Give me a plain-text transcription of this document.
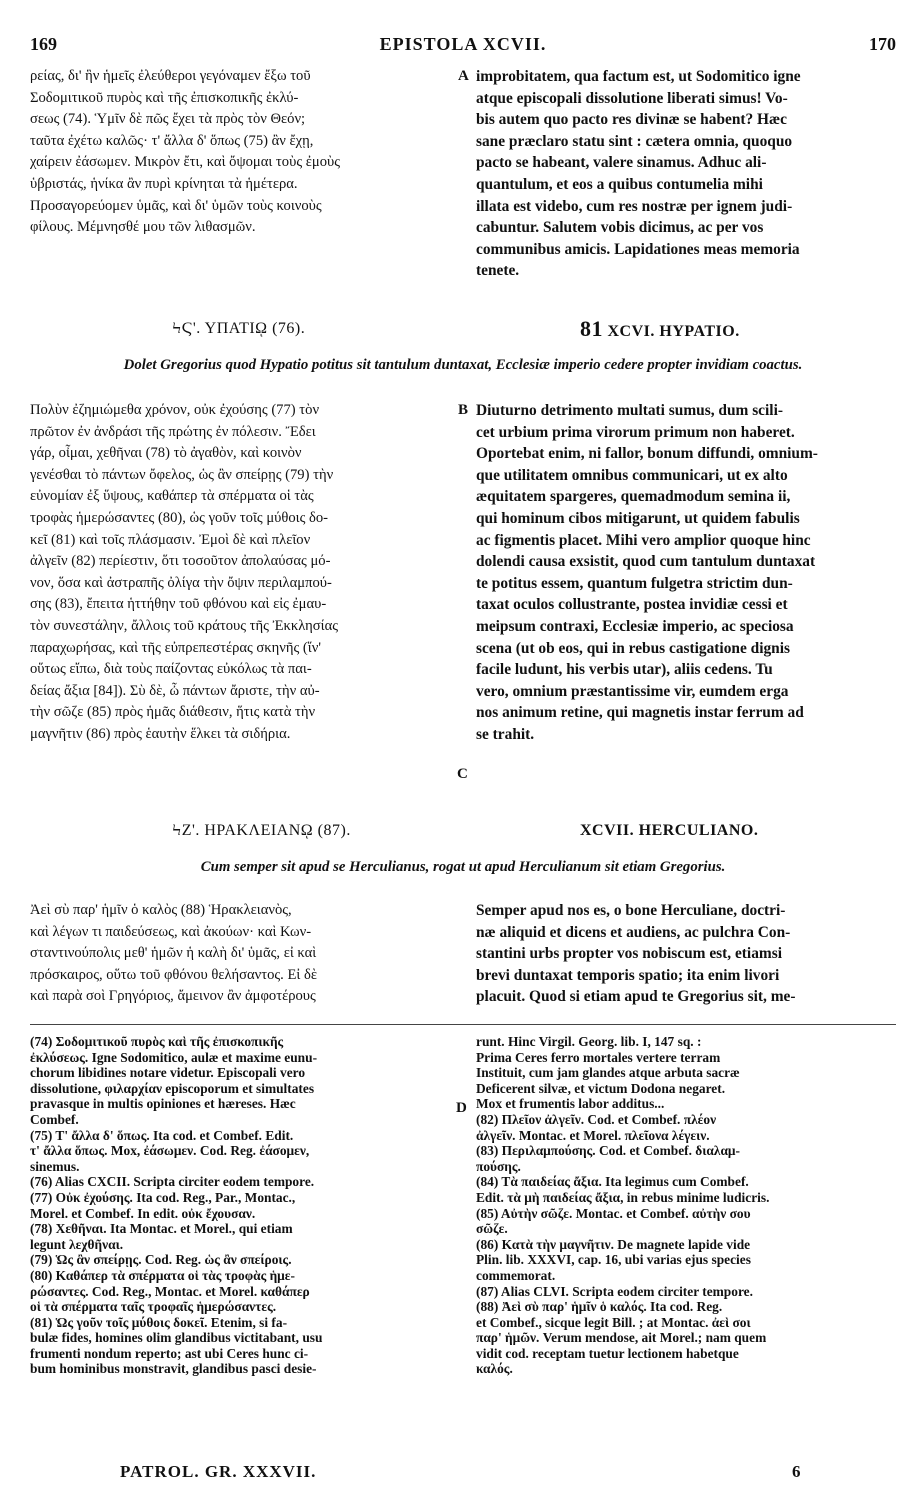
169	EPISTOLA XCVII.	170
ρείας, δι' ἣν ἡμεῖς ἐλεύθεροι γεγόναμεν ἔξω τοῦ
Σοδομιτικοῦ πυρὸς καὶ τῆς ἐπισκοπικῆς ἐκλύ-
σεως (74). Ὑμῖν δὲ πῶς ἔχει τὰ πρὸς τὸν Θεόν;
ταῦτα ἐχέτω καλῶς· τ' ἄλλα δ' ὅπως (75) ἂν ἔχῃ,
χαίρειν ἐάσωμεν. Μικρὸν ἔτι, καὶ ὄψομαι τοὺς ἐμοὺς
ὑβριστάς, ἡνίκα ἂν πυρὶ κρίνηται τὰ ἡμέτερα.
Προσαγορεύομεν ὑμᾶς, καὶ δι' ὑμῶν τοὺς κοινοὺς
φίλους. Μέμνησθέ μου τῶν λιθασμῶν.
A improbitatem, qua factum est, ut Sodomitico igne
atque episcopali dissolutione liberati simus! Vo-
bis autem quo pacto res divinæ se habent? Hæc
sane præclaro statu sint : cætera omnia, quoquo
pacto se habeant, valere sinamus. Adhuc ali-
quantulum, et eos a quibus contumelia mihi
illata est videbo, cum res nostræ per ignem judi-
cabuntur. Salutem vobis dicimus, ac per vos
communibus amicis. Lapidationes meas memoria
tenete.
ϞϚ'. ΥΠΑΤΙῼ (76).	81 XCVI. HYPATIO.
Dolet Gregorius quod Hypatio potitus sit tantulum duntaxat, Ecclesiæ imperio cedere propter invidiam coactus.
Πολὺν ἐζημιώμεθα χρόνον, οὐκ ἐχούσης (77) τὸν
πρῶτον ἐν ἀνδράσι τῆς πρώτης ἐν πόλεσιν. Ἔδει
γάρ, οἶμαι, χεθῆναι (78) τὸ ἀγαθὸν, καὶ κοινὸν
γενέσθαι τὸ πάντων ὄφελος, ὡς ἂν σπείρῃς (79) τὴν
εὐνομίαν ἐξ ὕψους, καθάπερ τὰ σπέρματα οἱ τὰς
τροφὰς ἡμερώσαντες (80), ὡς γοῦν τοῖς μύθοις δο-
κεῖ (81) καὶ τοῖς πλάσμασιν. Ἐμοὶ δὲ καὶ πλεῖον
ἀλγεῖν (82) περίεστιν, ὅτι τοσοῦτον ἀπολαύσας μό-
νον, ὅσα καὶ ἀστραπῆς ὀλίγα τὴν ὄψιν περιλαμπού-
σης (83), ἔπειτα ἡττήθην τοῦ φθόνου καὶ εἰς ἐμαυ-
τὸν συνεστάλην, ἄλλοις τοῦ κράτους τῆς Ἐκκλησίας
παραχωρήσας, καὶ τῆς εὐπρεπεστέρας σκηνῆς (ἵν'
οὕτως εἴπω, διὰ τοὺς παίζοντας εὐκόλως τὰ παι-
δείας ἄξια [84]). Σὺ δὲ, ὦ πάντων ἄριστε, τὴν αὐ-
τὴν σῶζε (85) πρὸς ἡμᾶς διάθεσιν, ἥτις κατὰ τὴν
μαγνῆτιν (86) πρὸς ἑαυτὴν ἕλκει τὰ σιδήρια.
B
C
Diuturno detrimento multati sumus, dum scili-
cet urbium prima virorum primum non haberet.
Oportebat enim, ni fallor, bonum diffundi, omnium-
que utilitatem omnibus communicari, ut ex alto
æquitatem spargeres, quemadmodum semina ii,
qui hominum cibos mitigarunt, ut quidem fabulis
ac figmentis placet. Mihi vero amplior quoque hinc
dolendi causa exsistit, quod cum tantulum duntaxat
te potitus essem, quantum fulgetra strictim dun-
taxat oculos collustrante, postea invidiæ cessi et
meipsum contraxi, Ecclesiæ imperio, ac speciosa
scena (ut ob eos, qui in rebus castigatione dignis
facile ludunt, his verbis utar), aliis cedens. Tu
vero, omnium præstantissime vir, eumdem erga
nos animum retine, qui magnetis instar ferrum ad
se trahit.
ϞΖ'. ΗΡΑΚΛΕΙΑΝῼ (87).	XCVII. HERCULIANO.
Cum semper sit apud se Herculianus, rogat ut apud Herculianum sit etiam Gregorius.
Ἀεὶ σὺ παρ' ἡμῖν ὁ καλὸς (88) Ἡρακλειανὸς,
καὶ λέγων τι παιδεύσεως, καὶ ἀκούων· καὶ Κων-
σταντινούπολις μεθ' ἡμῶν ἡ καλὴ δι' ὑμᾶς, εἰ καὶ
πρόσκαιρος, οὕτω τοῦ φθόνου θελήσαντος. Εἰ δὲ
καὶ παρὰ σοὶ Γρηγόριος, ἄμεινον ἂν ἀμφοτέρους
Semper apud nos es, o bone Herculiane, doctri-
næ aliquid et dicens et audiens, ac pulchra Con-
stantini urbs propter vos nobiscum est, etiamsi
brevi duntaxat temporis spatio; ita enim livori
placuit. Quod si etiam apud te Gregorius sit, me-
(74) Σοδομιτικοῦ πυρὸς καὶ τῆς ἐπισκοπικῆς
ἐκλύσεως. Igne Sodomitico, aulæ et maxime eunu-
chorum libidines notare videtur. Episcopali vero
dissolutione, φιλαρχίαν episcoporum et simultates
pravasque in multis opiniones et hæreses. Hæc
Combef.
(75) Τ' ἄλλα δ' ὅπως. Ita cod. et Combef. Edit.
τ' ἄλλα ὅπως. Mox, ἐάσωμεν. Cod. Reg. ἐάσομεν,
sinemus.
(76) Alias CXCII. Scripta circiter eodem tempore.
(77) Οὐκ ἐχούσης. Ita cod. Reg., Par., Montac.,
Morel. et Combef. In edit. οὐκ ἔχουσαν.
(78) Χεθῆναι. Ita Montac. et Morel., qui etiam
legunt λεχθῆναι.
(79) Ὡς ἂν σπείρῃς. Cod. Reg. ὡς ἂν σπείροις.
(80) Καθάπερ τὰ σπέρματα οἱ τὰς τροφὰς ἡμε-
ρώσαντες. Cod. Reg., Montac. et Morel. καθάπερ
οἱ τὰ σπέρματα ταῖς τροφαῖς ἡμερώσαντες.
(81) Ὡς γοῦν τοῖς μύθοις δοκεῖ. Etenim, si fa-
bulæ fides, homines olim glandibus victitabant, usu
frumenti nondum reperto; ast ubi Ceres hunc ci-
bum hominibus monstravit, glandibus pasci desie-
D
runt. Hinc Virgil. Georg. lib. I, 147 sq. :
Prima Ceres ferro mortales vertere terram
Instituit, cum jam glandes atque arbuta sacræ
Deficerent silvæ, et victum Dodona negaret.
Mox et frumentis labor additus...
(82) Πλεῖον ἀλγεῖν. Cod. et Combef. πλέον
ἀλγεῖν. Montac. et Morel. πλεῖονα λέγειν.
(83) Περιλαμπούσης. Cod. et Combef. διαλαμ-
πούσης.
(84) Τὰ παιδείας ἄξια. Ita legimus cum Combef.
Edit. τὰ μὴ παιδείας ἄξια, in rebus minime ludicris.
(85) Αὐτὴν σῶζε. Montac. et Combef. αὐτὴν σου
σῶζε.
(86) Κατὰ τὴν μαγνῆτιν. De magnete lapide vide
Plin. lib. XXXVI, cap. 16, ubi varias ejus species
commemorat.
(87) Alias CLVI. Scripta eodem circiter tempore.
(88) Ἀεὶ σὺ παρ' ἡμῖν ὁ καλός. Ita cod. Reg.
et Combef., sicque legit Bill. ; at Montac. ἀεὶ σοι
παρ' ἡμῶν. Verum mendose, ait Morel.; nam quem
vidit cod. receptam tuetur lectionem habetque
καλός.
PATROL. GR. XXXVII.	6
